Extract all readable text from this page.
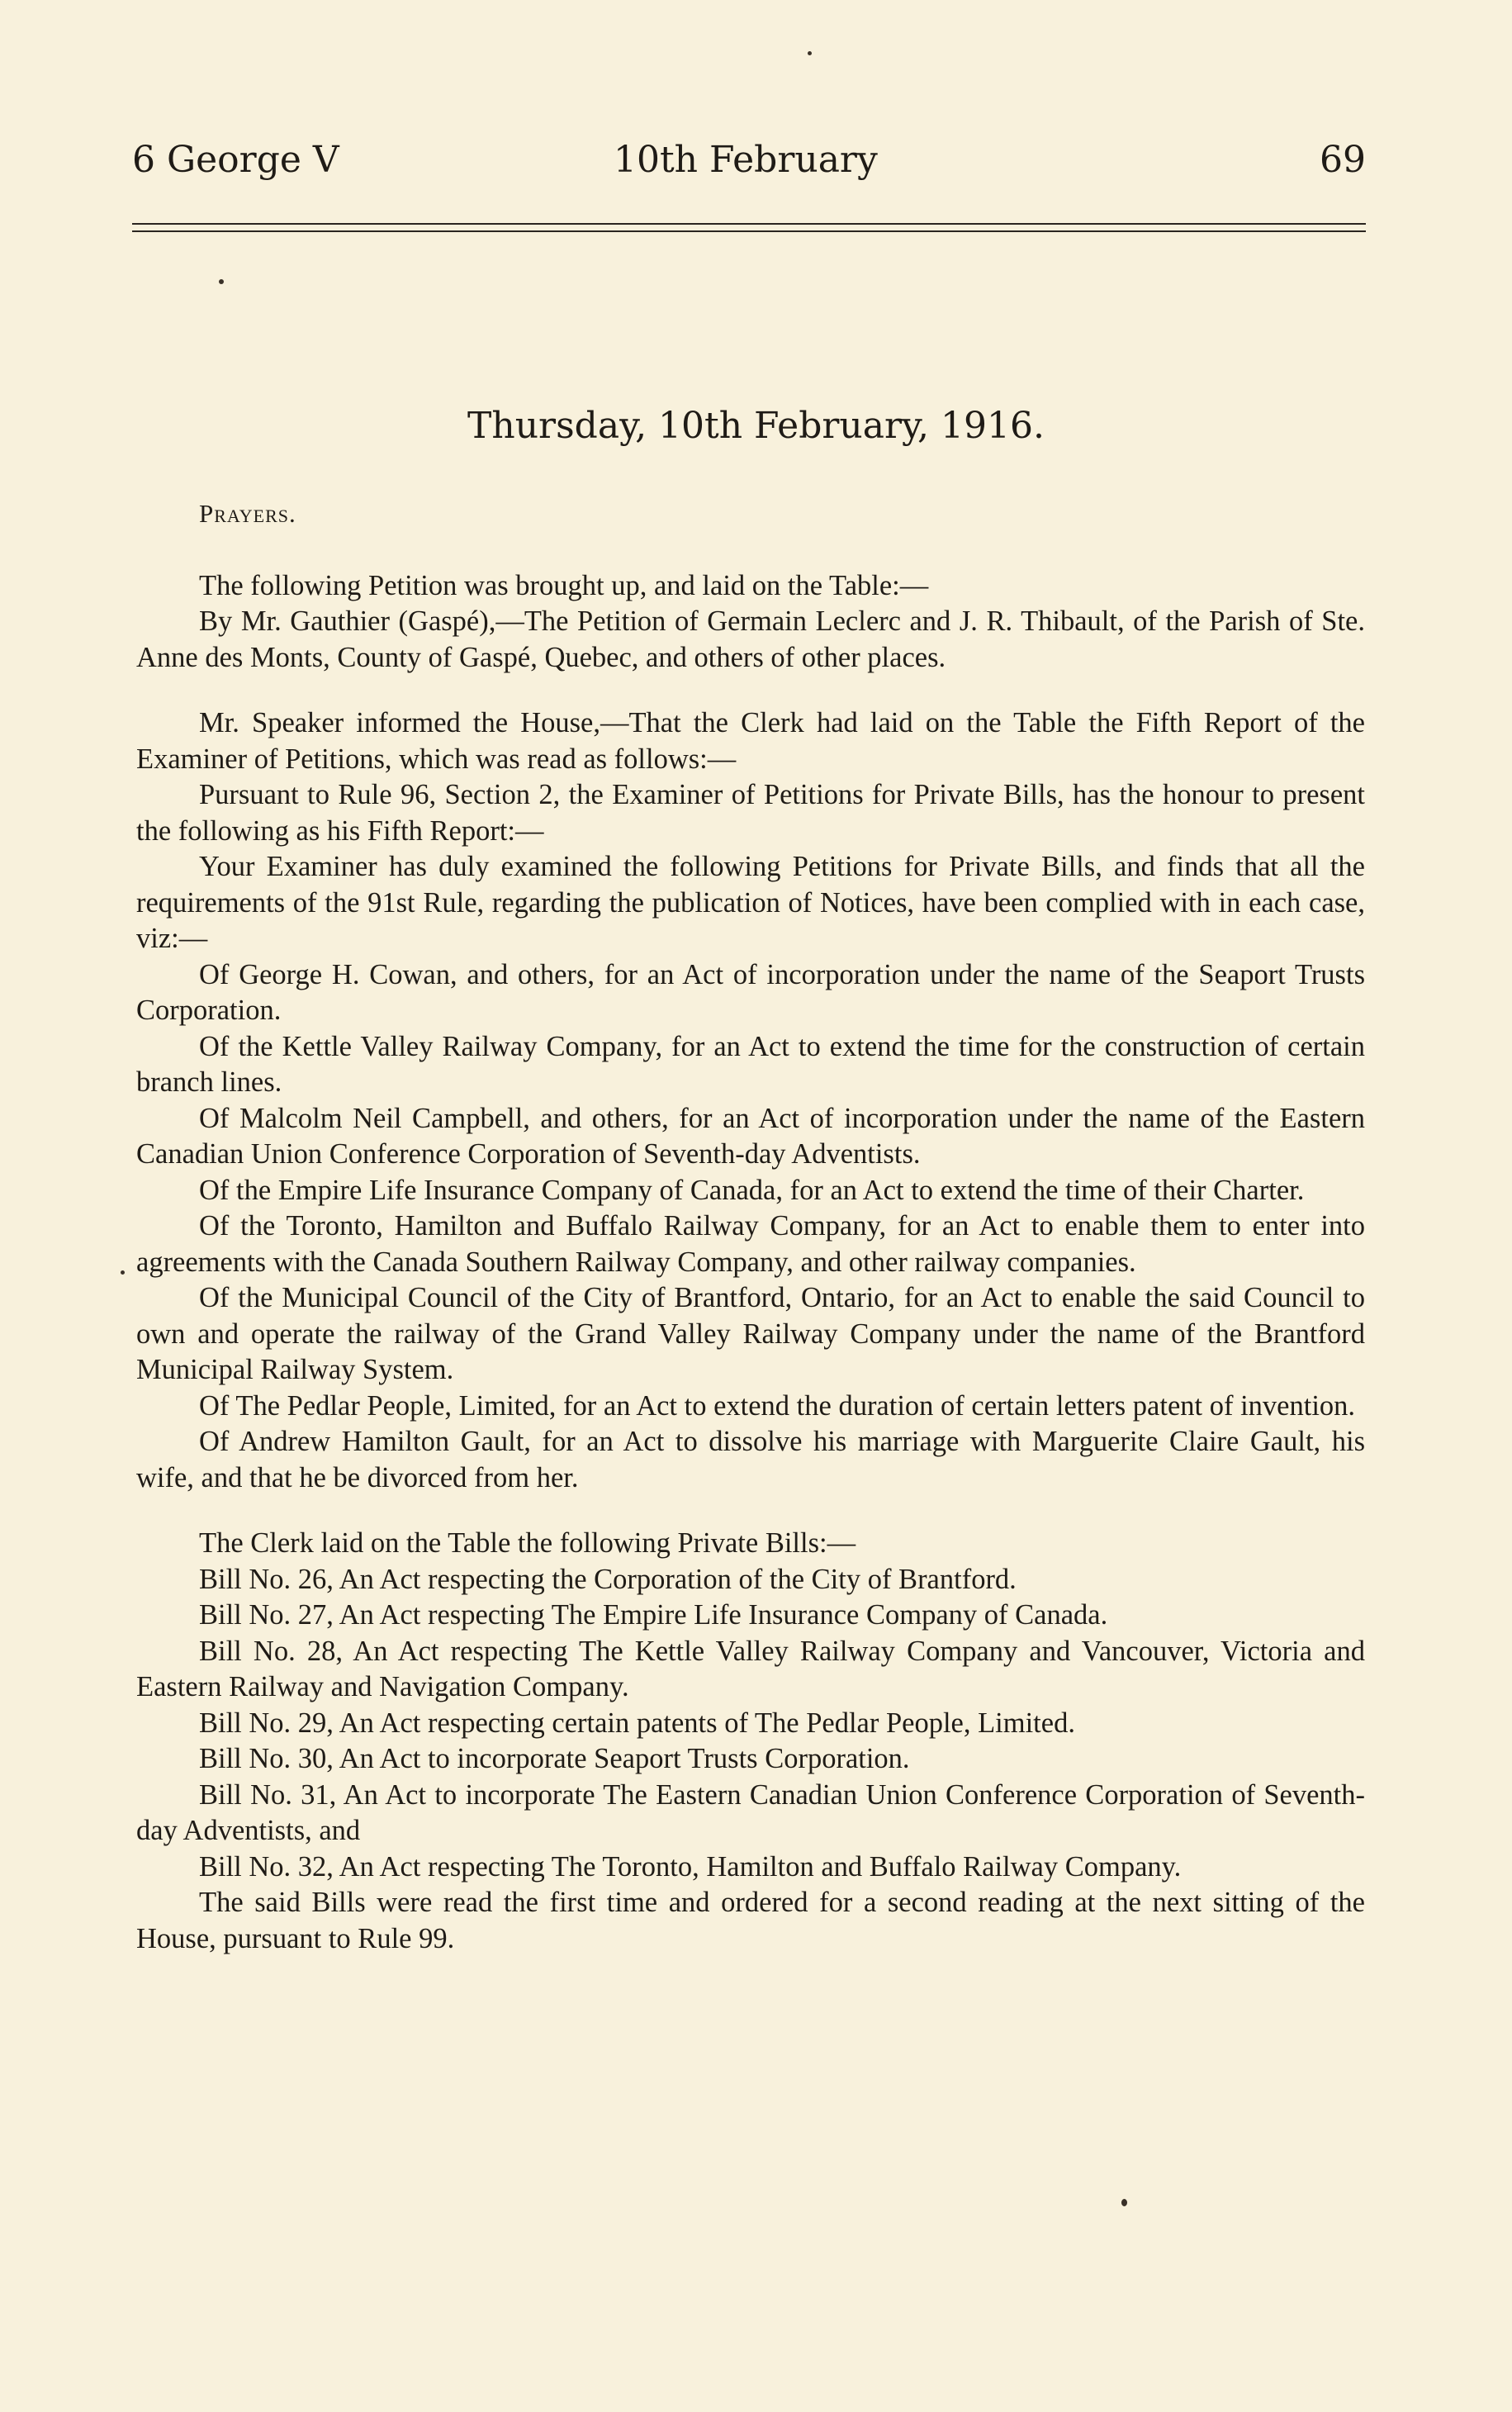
6 George V	10th February	69
Thursday, 10th February, 1916.

Prayers.

The following Petition was brought up, and laid on the Table:—

By Mr. Gauthier (Gaspé),—The Petition of Germain Leclerc and J. R. Thibault, of the Parish of Ste. Anne des Monts, County of Gaspé, Quebec, and others of other places.

Mr. Speaker informed the House,—That the Clerk had laid on the Table the Fifth Report of the Examiner of Petitions, which was read as follows:—

Pursuant to Rule 96, Section 2, the Examiner of Petitions for Private Bills, has the honour to present the following as his Fifth Report:—

Your Examiner has duly examined the following Petitions for Private Bills, and finds that all the requirements of the 91st Rule, regarding the publication of Notices, have been complied with in each case, viz:—

Of George H. Cowan, and others, for an Act of incorporation under the name of the Seaport Trusts Corporation.

Of the Kettle Valley Railway Company, for an Act to extend the time for the construction of certain branch lines.

Of Malcolm Neil Campbell, and others, for an Act of incorporation under the name of the Eastern Canadian Union Conference Corporation of Seventh-day Adventists.

Of the Empire Life Insurance Company of Canada, for an Act to extend the time of their Charter.

Of the Toronto, Hamilton and Buffalo Railway Company, for an Act to enable them to enter into agreements with the Canada Southern Railway Company, and other railway companies.

Of the Municipal Council of the City of Brantford, Ontario, for an Act to enable the said Council to own and operate the railway of the Grand Valley Railway Company under the name of the Brantford Municipal Railway System.

Of The Pedlar People, Limited, for an Act to extend the duration of certain letters patent of invention.

Of Andrew Hamilton Gault, for an Act to dissolve his marriage with Marguerite Claire Gault, his wife, and that he be divorced from her.

The Clerk laid on the Table the following Private Bills:—

Bill No. 26, An Act respecting the Corporation of the City of Brantford.

Bill No. 27, An Act respecting The Empire Life Insurance Company of Canada.

Bill No. 28, An Act respecting The Kettle Valley Railway Company and Vancouver, Victoria and Eastern Railway and Navigation Company.

Bill No. 29, An Act respecting certain patents of The Pedlar People, Limited.

Bill No. 30, An Act to incorporate Seaport Trusts Corporation.

Bill No. 31, An Act to incorporate The Eastern Canadian Union Conference Corporation of Seventh-day Adventists, and

Bill No. 32, An Act respecting The Toronto, Hamilton and Buffalo Railway Company.

The said Bills were read the first time and ordered for a second reading at the next sitting of the House, pursuant to Rule 99.
